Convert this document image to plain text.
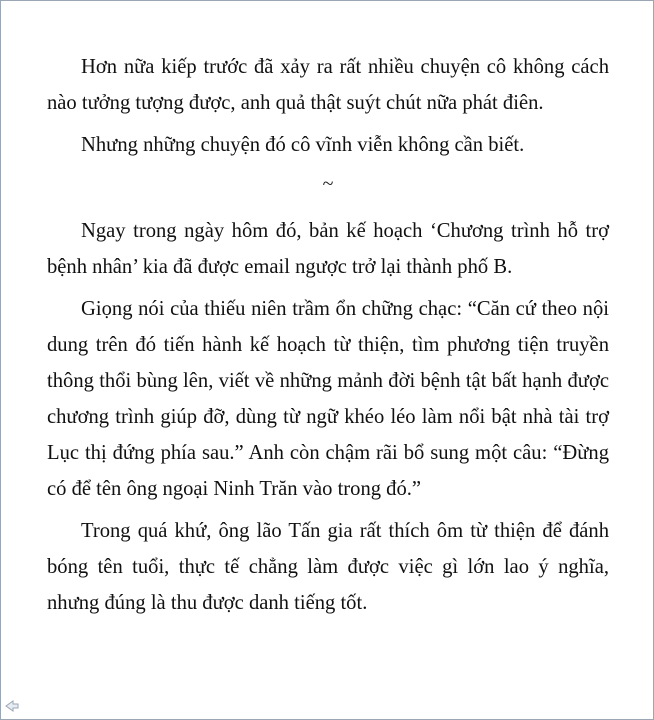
Hơn nữa kiếp trước đã xảy ra rất nhiều chuyện cô không cách nào tưởng tượng được, anh quả thật suýt chút nữa phát điên.

Nhưng những chuyện đó cô vĩnh viễn không cần biết.

~

Ngay trong ngày hôm đó, bản kế hoạch ‘Chương trình hỗ trợ bệnh nhân’ kia đã được email ngược trở lại thành phố B.

Giọng nói của thiếu niên trầm ổn chững chạc: “Căn cứ theo nội dung trên đó tiến hành kế hoạch từ thiện, tìm phương tiện truyền thông thổi bùng lên, viết về những mảnh đời bệnh tật bất hạnh được chương trình giúp đỡ, dùng từ ngữ khéo léo làm nổi bật nhà tài trợ Lục thị đứng phía sau.” Anh còn chậm rãi bổ sung một câu: “Đừng có để tên ông ngoại Ninh Trăn vào trong đó.”

Trong quá khứ, ông lão Tấn gia rất thích ôm từ thiện để đánh bóng tên tuổi, thực tế chẳng làm được việc gì lớn lao ý nghĩa, nhưng đúng là thu được danh tiếng tốt.
